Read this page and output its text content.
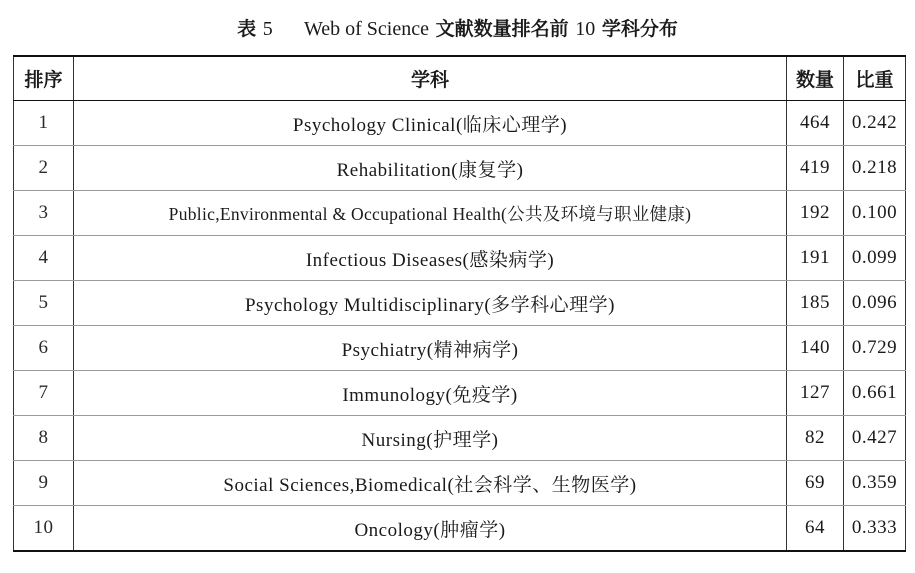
表 5 Web of Science 文献数量排名前 10 学科分布
排序	学科	数量	比重
1	Psychology Clinical(临床心理学)	464	0.242
2	Rehabilitation(康复学)	419	0.218
3	Public,Environmental & Occupational Health(公共及环境与职业健康)	192	0.100
4	Infectious Diseases(感染病学)	191	0.099
5	Psychology Multidisciplinary(多学科心理学)	185	0.096
6	Psychiatry(精神病学)	140	0.729
7	Immunology(免疫学)	127	0.661
8	Nursing(护理学)	82	0.427
9	Social Sciences,Biomedical(社会科学、生物医学)	69	0.359
10	Oncology(肿瘤学)	64	0.333
